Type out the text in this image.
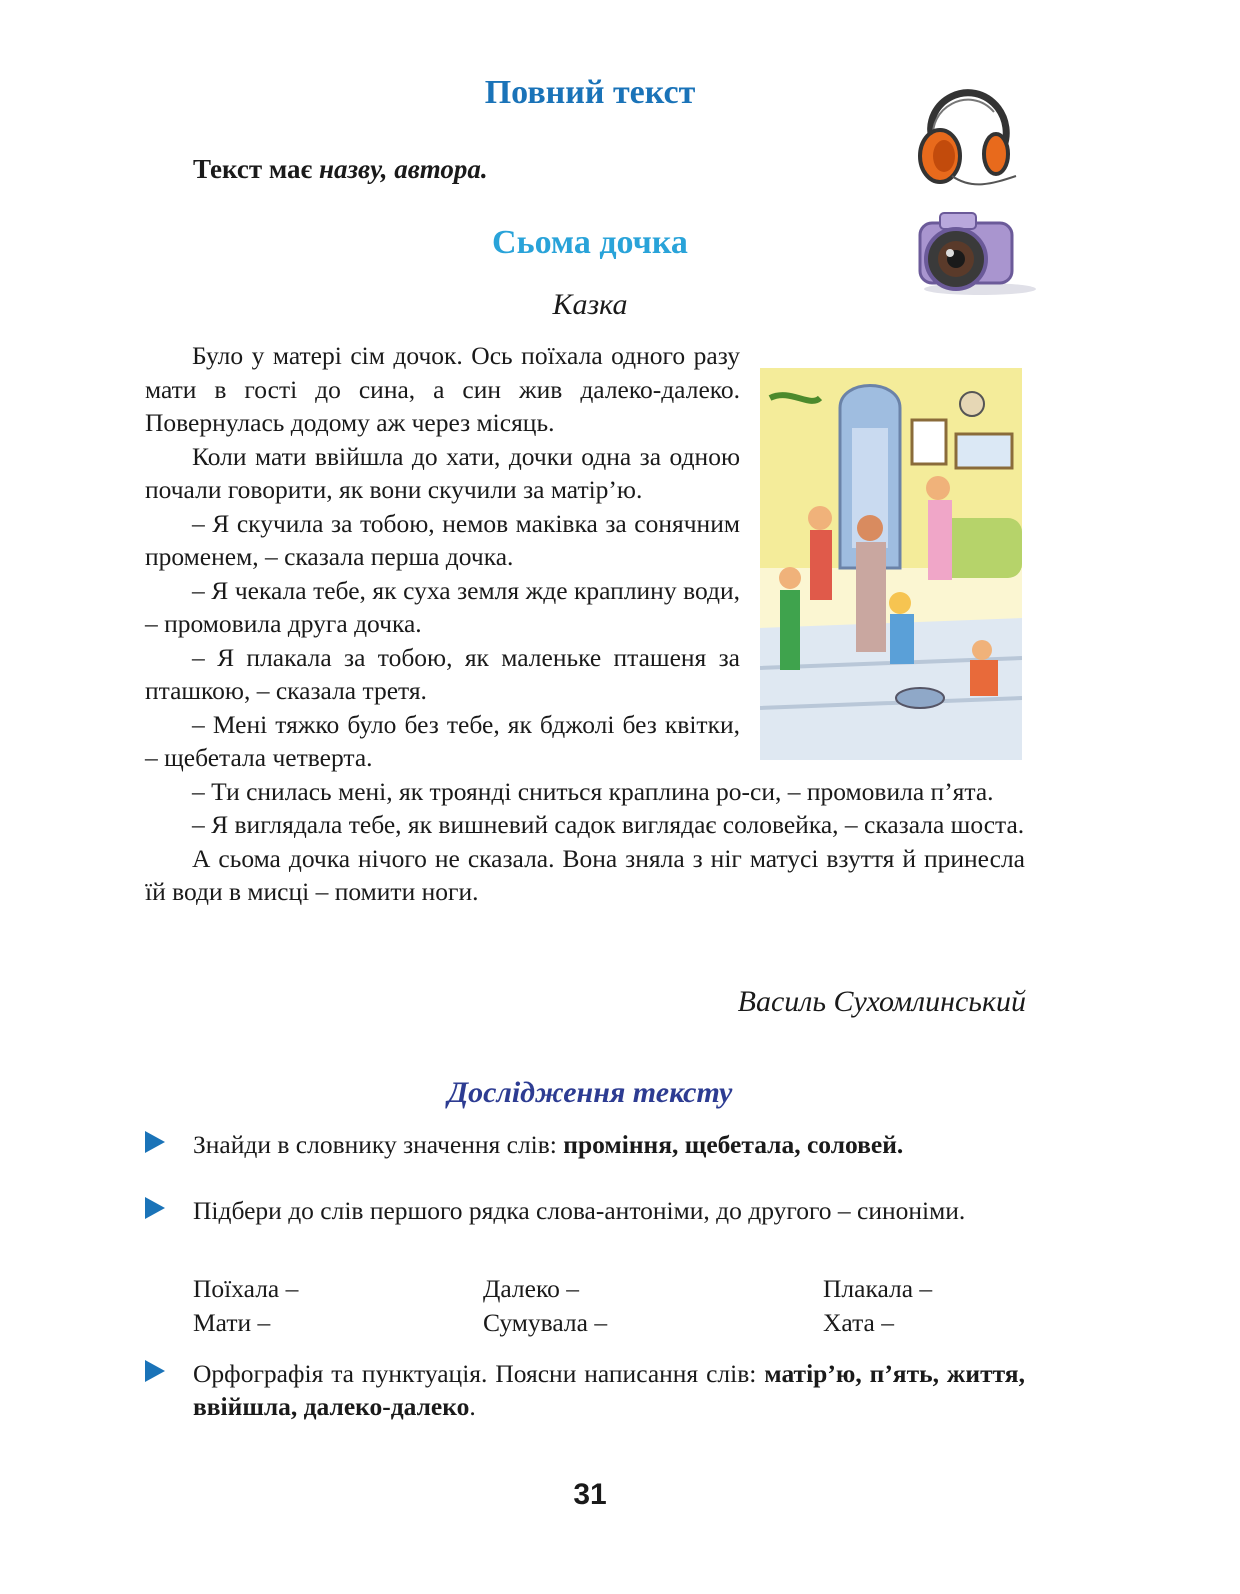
Повний текст
Текст має назву, автора.
Сьома дочка
Казка

Було у матері сім дочок. Ось поїхала одного разу мати в гості до сина, а син жив далеко-далеко. Повернулась додому аж через місяць.

Коли мати ввійшла до хати, дочки одна за одною почали говорити, як вони скучили за матір’ю.

– Я скучила за тобою, немов маківка за сонячним променем, – сказала перша дочка.

– Я чекала тебе, як суха земля жде краплину води, – промовила друга дочка.

– Я плакала за тобою, як маленьке пташеня за пташкою, – сказала третя.

– Мені тяжко було без тебе, як бджолі без квітки, – щебетала четверта.

– Ти снилась мені, як троянді сниться краплина ро-си, – промовила п’ята.

– Я виглядала тебе, як вишневий садок виглядає соловейка, – сказала шоста.

А сьома дочка нічого не сказала. Вона зняла з ніг матусі взуття й принесла їй води в мисці – помити ноги.

Василь Сухомлинський
Дослідження тексту
Знайди в словнику значення слів: проміння, щебетала, соловей.
Підбери до слів першого рядка слова-антоніми, до другого – синоніми.
Поїхала –
Мати –
Далеко –
Сумувала –
Плакала –
Хата –
Орфографія та пунктуація. Поясни написання слів: матір’ю, п’ять, життя, ввійшла, далеко-далеко.
31
